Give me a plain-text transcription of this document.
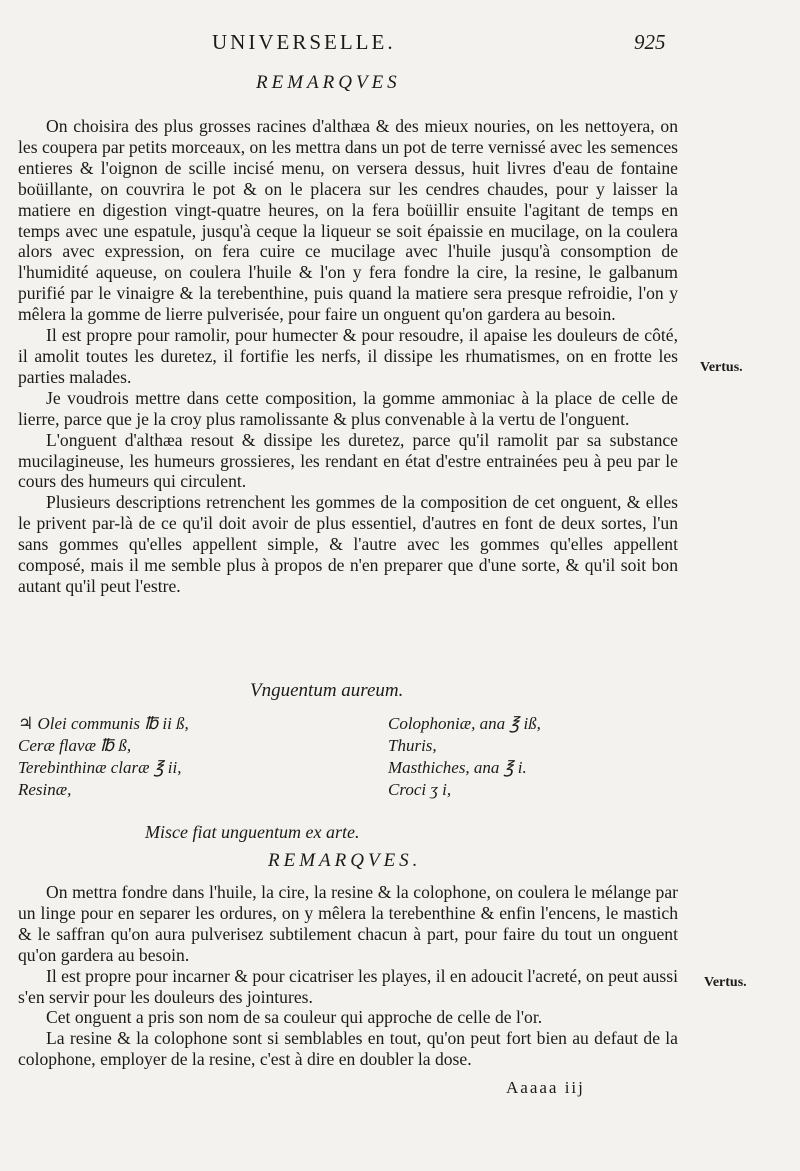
UNIVERSELLE.	925
REMARQVES

On choisira des plus grosses racines d'althæa & des mieux nouries, on les nettoyera, on les coupera par petits morceaux, on les mettra dans un pot de terre vernissé avec les semences entieres & l'oignon de scille incisé menu, on versera dessus, huit livres d'eau de fontaine boüillante, on couvrira le pot & on le placera sur les cendres chaudes, pour y laisser la matiere en digestion vingt-quatre heures, on la fera boüillir ensuite l'agitant de temps en temps avec une espatule, jusqu'à ceque la liqueur se soit épaissie en mucilage, on la coulera alors avec expression, on fera cuire ce mucilage avec l'huile jusqu'à consomption de l'humidité aqueuse, on coulera l'huile & l'on y fera fondre la cire, la resine, le galbanum purifié par le vinaigre & la terebenthine, puis quand la matiere sera presque refroidie, l'on y mêlera la gomme de lierre pulverisée, pour faire un onguent qu'on gardera au besoin.

Il est propre pour ramolir, pour humecter & pour resoudre, il apaise les douleurs de côté, il amolit toutes les duretez, il fortifie les nerfs, il dissipe les rhumatismes, on en frotte les parties malades.

Je voudrois mettre dans cette composition, la gomme ammoniac à la place de celle de lierre, parce que je la croy plus ramolissante & plus convenable à la vertu de l'onguent.

L'onguent d'althæa resout & dissipe les duretez, parce qu'il ramolit par sa substance mucilagineuse, les humeurs grossieres, les rendant en état d'estre entrainées peu à peu par le cours des humeurs qui circulent.

Plusieurs descriptions retrenchent les gommes de la composition de cet onguent, & elles le privent par-là de ce qu'il doit avoir de plus essentiel, d'autres en font de deux sortes, l'un sans gommes qu'elles appellent simple, & l'autre avec les gommes qu'elles appellent composé, mais il me semble plus à propos de n'en preparer que d'une sorte, & qu'il soit bon autant qu'il peut l'estre.

Vertus.
Vnguentum aureum.
♃ Olei communis ℔ ii ß,
Ceræ flavæ ℔ ß,
Terebinthinæ claræ ℥ ii,
Resinæ,
Colophoniæ, ana ℥ iß,
Thuris,
Masthiches, ana ℥ i.
Croci ʒ i,
Misce fiat unguentum ex arte.
REMARQVES.

On mettra fondre dans l'huile, la cire, la resine & la colophone, on coulera le mélange par un linge pour en separer les ordures, on y mêlera la terebenthine & enfin l'encens, le mastich & le saffran qu'on aura pulverisez subtilement chacun à part, pour faire du tout un onguent qu'on gardera au besoin.

Il est propre pour incarner & pour cicatriser les playes, il en adoucit l'acreté, on peut aussi s'en servir pour les douleurs des jointures.

Cet onguent a pris son nom de sa couleur qui approche de celle de l'or.

La resine & la colophone sont si semblables en tout, qu'on peut fort bien au defaut de la colophone, employer de la resine, c'est à dire en doubler la dose.

Vertus.
Aaaaa iij
